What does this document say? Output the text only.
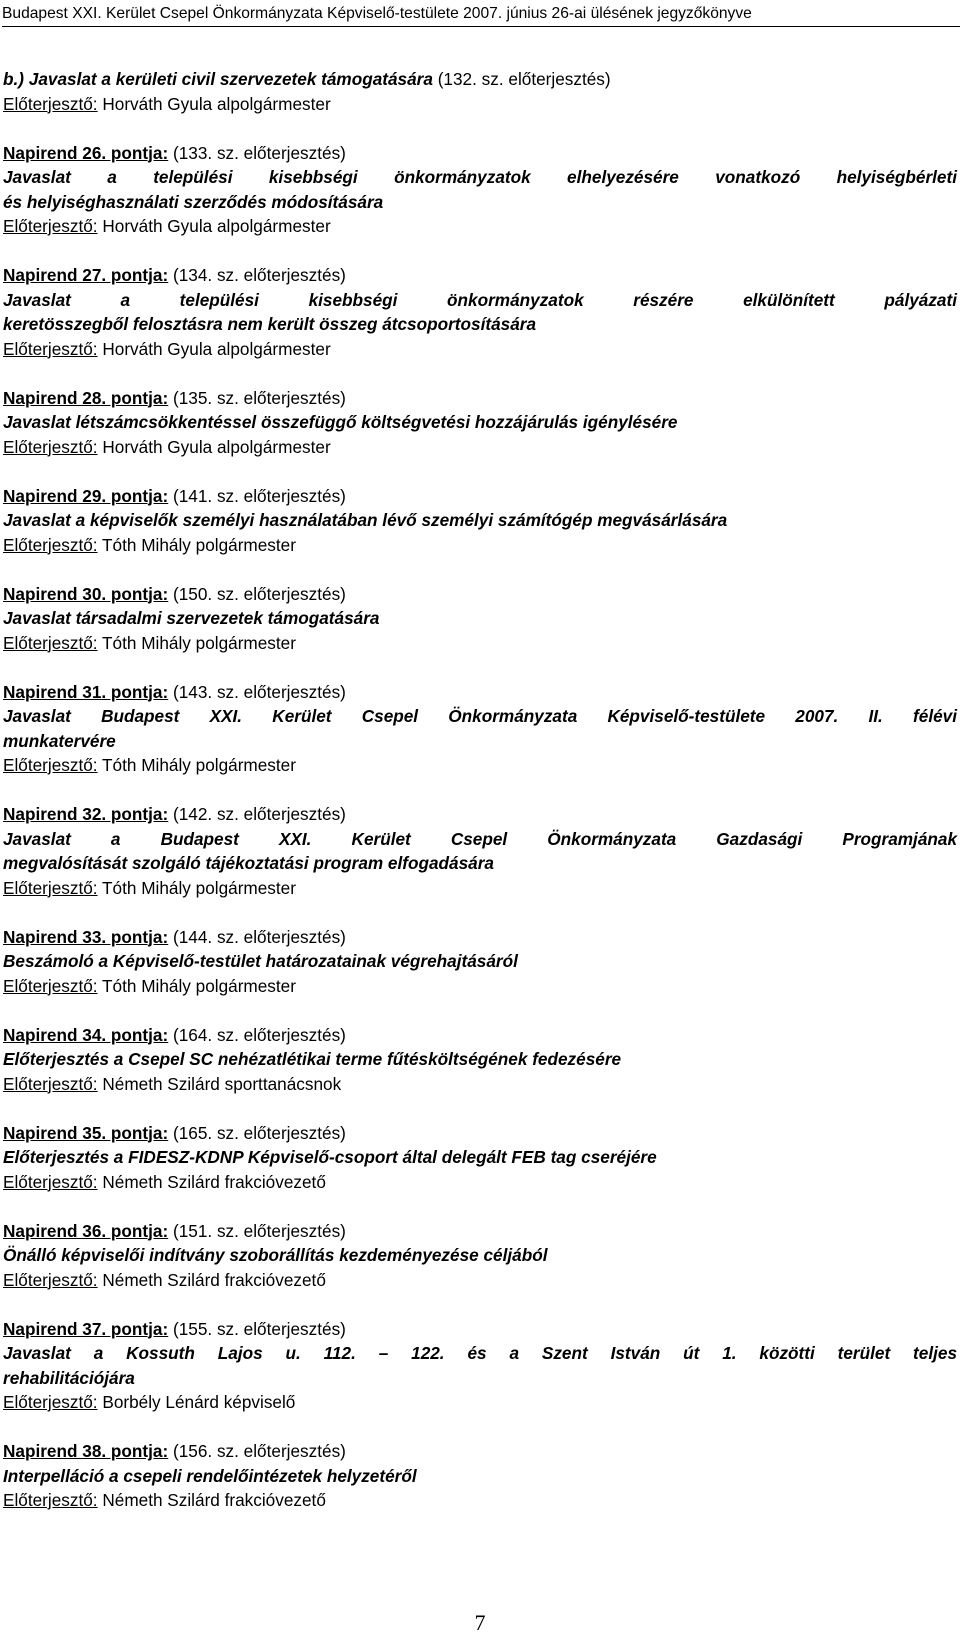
Budapest XXI. Kerület Csepel Önkormányzata Képviselő-testülete 2007. június 26-ai ülésének jegyzőkönyve
b.) Javaslat a kerületi civil szervezetek támogatására (132. sz. előterjesztés)
Előterjesztő: Horváth Gyula alpolgármester
Napirend 26. pontja: (133. sz. előterjesztés)
Javaslat a települési kisebbségi önkormányzatok elhelyezésére vonatkozó helyiségbérleti
és helyiséghasználati szerződés módosítására
Előterjesztő: Horváth Gyula alpolgármester
Napirend 27. pontja: (134. sz. előterjesztés)
Javaslat a települési kisebbségi önkormányzatok részére elkülönített pályázati
keretösszegből felosztásra nem került összeg átcsoportosítására
Előterjesztő: Horváth Gyula alpolgármester
Napirend 28. pontja: (135. sz. előterjesztés)
Javaslat létszámcsökkentéssel összefüggő költségvetési hozzájárulás igénylésére
Előterjesztő: Horváth Gyula alpolgármester
Napirend 29. pontja: (141. sz. előterjesztés)
Javaslat a képviselők személyi használatában lévő személyi számítógép megvásárlására
Előterjesztő: Tóth Mihály polgármester
Napirend 30. pontja: (150. sz. előterjesztés)
Javaslat társadalmi szervezetek támogatására
Előterjesztő: Tóth Mihály polgármester
Napirend 31. pontja: (143. sz. előterjesztés)
Javaslat Budapest XXI. Kerület Csepel Önkormányzata Képviselő-testülete 2007. II. félévi
munkatervére
Előterjesztő: Tóth Mihály polgármester
Napirend 32. pontja: (142. sz. előterjesztés)
Javaslat a Budapest XXI. Kerület Csepel Önkormányzata Gazdasági Programjának
megvalósítását szolgáló tájékoztatási program elfogadására
Előterjesztő: Tóth Mihály polgármester
Napirend 33. pontja: (144. sz. előterjesztés)
Beszámoló a Képviselő-testület határozatainak végrehajtásáról
Előterjesztő: Tóth Mihály polgármester
Napirend 34. pontja: (164. sz. előterjesztés)
Előterjesztés a Csepel SC nehézatlétikai terme fűtésköltségének fedezésére
Előterjesztő: Németh Szilárd sporttanácsnok
Napirend 35. pontja: (165. sz. előterjesztés)
Előterjesztés a FIDESZ-KDNP Képviselő-csoport által delegált FEB tag cseréjére
Előterjesztő: Németh Szilárd frakcióvezető
Napirend 36. pontja: (151. sz. előterjesztés)
Önálló képviselői indítvány szoborállítás kezdeményezése céljából
Előterjesztő: Németh Szilárd frakcióvezető
Napirend 37. pontja: (155. sz. előterjesztés)
Javaslat a Kossuth Lajos u. 112. – 122. és a Szent István út 1. közötti terület teljes
rehabilitációjára
Előterjesztő: Borbély Lénárd képviselő
Napirend 38. pontja: (156. sz. előterjesztés)
Interpelláció a csepeli rendelőintézetek helyzetéről
Előterjesztő: Németh Szilárd frakcióvezető
7
